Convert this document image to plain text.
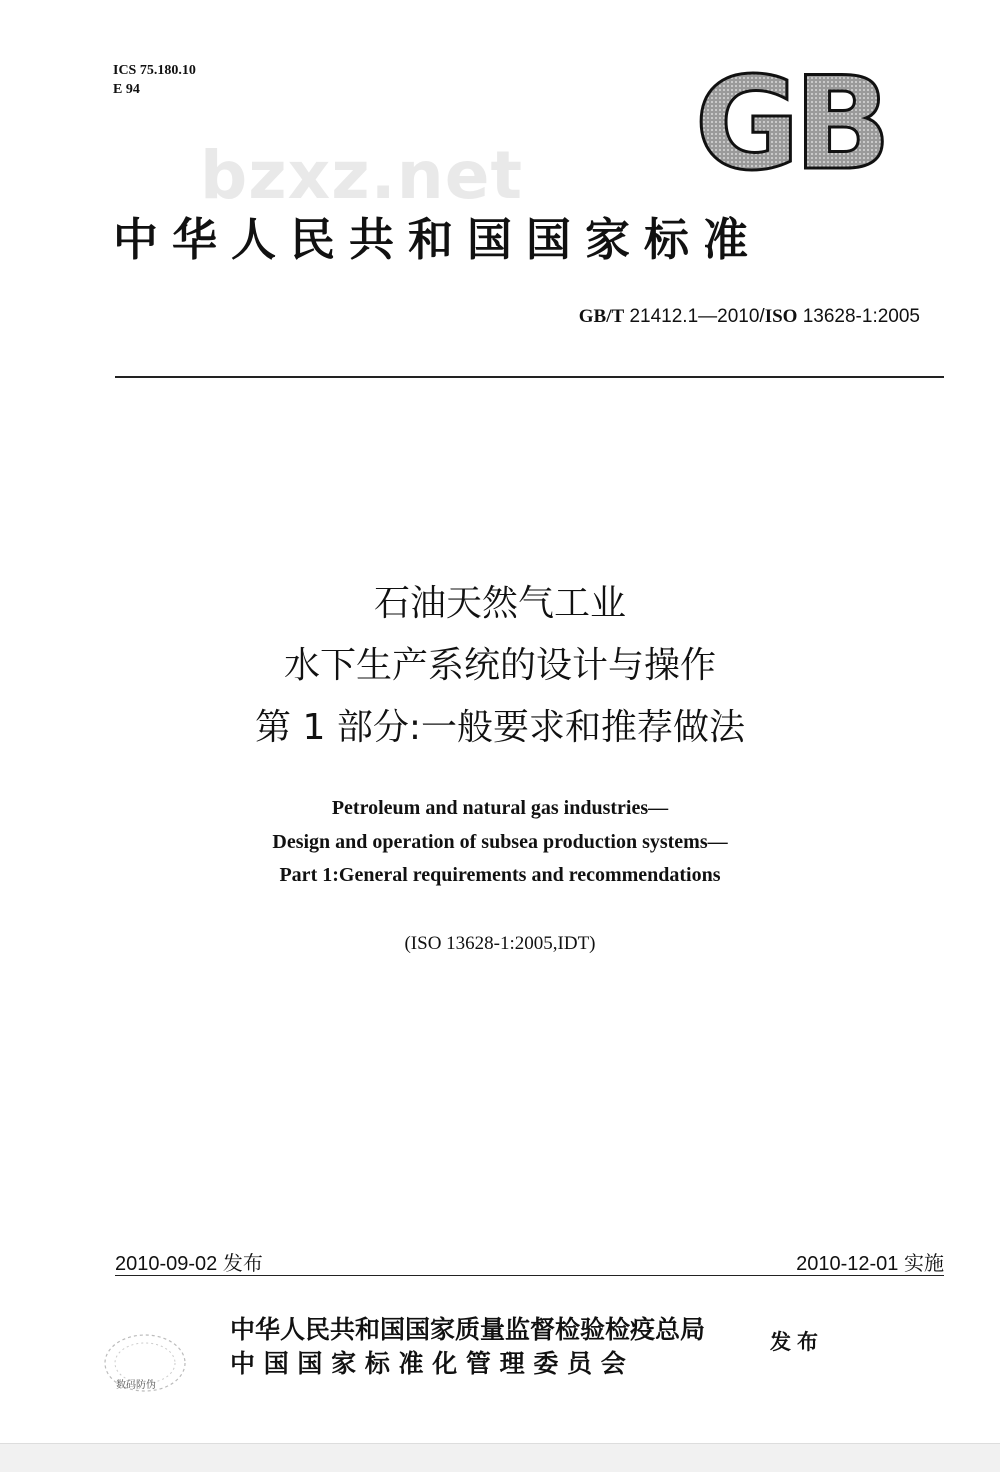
ICS 75.180.10
E 94	GB
bzxz.net
中华人民共和国国家标准
GB/T 21412.1—2010/ISO 13628-1:2005
石油天然气工业
水下生产系统的设计与操作
第 1 部分:一般要求和推荐做法
Petroleum and natural gas industries—
Design and operation of subsea production systems—
Part 1:General requirements and recommendations
(ISO 13628-1:2005,IDT)
2010-09-02 发布	2010-12-01 实施
数码防伪
中华人民共和国国家质量监督检验检疫总局
中 国 国 家 标 准 化 管 理 委 员 会
发布
